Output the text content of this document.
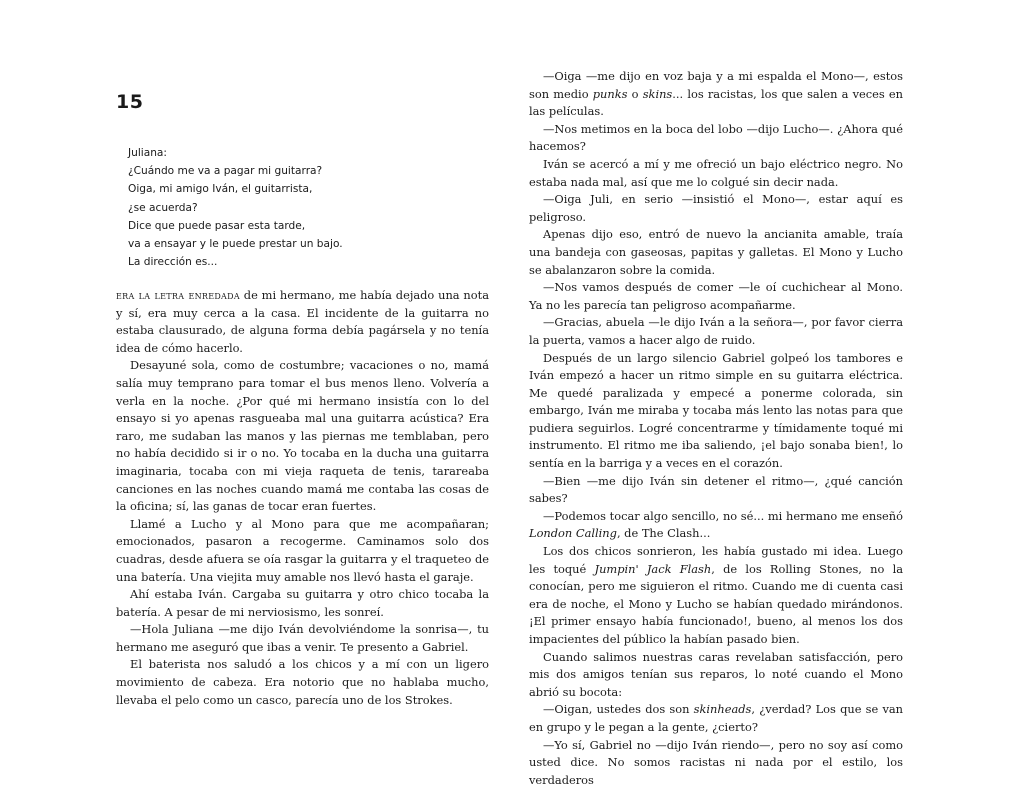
15
Juliana:
¿Cuándo me va a pagar mi guitarra?
Oiga, mi amigo Iván, el guitarrista,
¿se acuerda?
Dice que puede pasar esta tarde,
va a ensayar y le puede prestar un bajo.
La dirección es...

era la letra enredada de mi hermano, me había dejado una nota y sí, era muy cerca a la casa. El incidente de la guitarra no estaba clausurado, de alguna forma debía pagársela y no tenía idea de cómo hacerlo.

Desayuné sola, como de costumbre; vacaciones o no, mamá salía muy temprano para tomar el bus menos lleno. Volvería a verla en la noche. ¿Por qué mi hermano insistía con lo del ensayo si yo apenas rasgueaba mal una guitarra acústica? Era raro, me sudaban las manos y las piernas me temblaban, pero no había decidido si ir o no. Yo tocaba en la ducha una guitarra imaginaria, tocaba con mi vieja raqueta de tenis, tarareaba canciones en las noches cuando mamá me contaba las cosas de la oficina; sí, las ganas de tocar eran fuertes.

Llamé a Lucho y al Mono para que me acompañaran; emocionados, pasaron a recogerme. Caminamos solo dos cuadras, desde afuera se oía rasgar la guitarra y el traqueteo de una batería. Una viejita muy amable nos llevó hasta el garaje.

Ahí estaba Iván. Cargaba su guitarra y otro chico tocaba la batería. A pesar de mi nerviosismo, les sonreí.

—Hola Juliana —me dijo Iván devolviéndome la sonrisa—, tu hermano me aseguró que ibas a venir. Te presento a Gabriel.

El baterista nos saludó a los chicos y a mí con un ligero movimiento de cabeza. Era notorio que no hablaba mucho, llevaba el pelo como un casco, parecía uno de los Strokes.

—Oiga —me dijo en voz baja y a mi espalda el Mono—, estos son medio punks o skins... los racistas, los que salen a veces en las películas.

—Nos metimos en la boca del lobo —dijo Lucho—. ¿Ahora qué hacemos?

Iván se acercó a mí y me ofreció un bajo eléctrico negro. No estaba nada mal, así que me lo colgué sin decir nada.

—Oiga Juli, en serio —insistió el Mono—, estar aquí es peligroso.

Apenas dijo eso, entró de nuevo la ancianita amable, traía una bandeja con gaseosas, papitas y galletas. El Mono y Lucho se abalanzaron sobre la comida.

—Nos vamos después de comer —le oí cuchichear al Mono. Ya no les parecía tan peligroso acompañarme.

—Gracias, abuela —le dijo Iván a la señora—, por favor cierra la puerta, vamos a hacer algo de ruido.

Después de un largo silencio Gabriel golpeó los tambores e Iván empezó a hacer un ritmo simple en su guitarra eléctrica. Me quedé paralizada y empecé a ponerme colorada, sin embargo, Iván me miraba y tocaba más lento las notas para que pudiera seguirlos. Logré concentrarme y tímidamente toqué mi instrumento. El ritmo me iba saliendo, ¡el bajo sonaba bien!, lo sentía en la barriga y a veces en el corazón.

—Bien —me dijo Iván sin detener el ritmo—, ¿qué canción sabes?

—Podemos tocar algo sencillo, no sé... mi hermano me enseñó London Calling, de The Clash...

Los dos chicos sonrieron, les había gustado mi idea. Luego les toqué Jumpin' Jack Flash, de los Rolling Stones, no la conocían, pero me siguieron el ritmo. Cuando me di cuenta casi era de noche, el Mono y Lucho se habían quedado mirándonos. ¡El primer ensayo había funcionado!, bueno, al menos los dos impacientes del público la habían pasado bien.

Cuando salimos nuestras caras revelaban satisfacción, pero mis dos amigos tenían sus reparos, lo noté cuando el Mono abrió su bocota:

—Oigan, ustedes dos son skinheads, ¿verdad? Los que se van en grupo y le pegan a la gente, ¿cierto?

—Yo sí, Gabriel no —dijo Iván riendo—, pero no soy así como usted dice. No somos racistas ni nada por el estilo, los verdaderos
